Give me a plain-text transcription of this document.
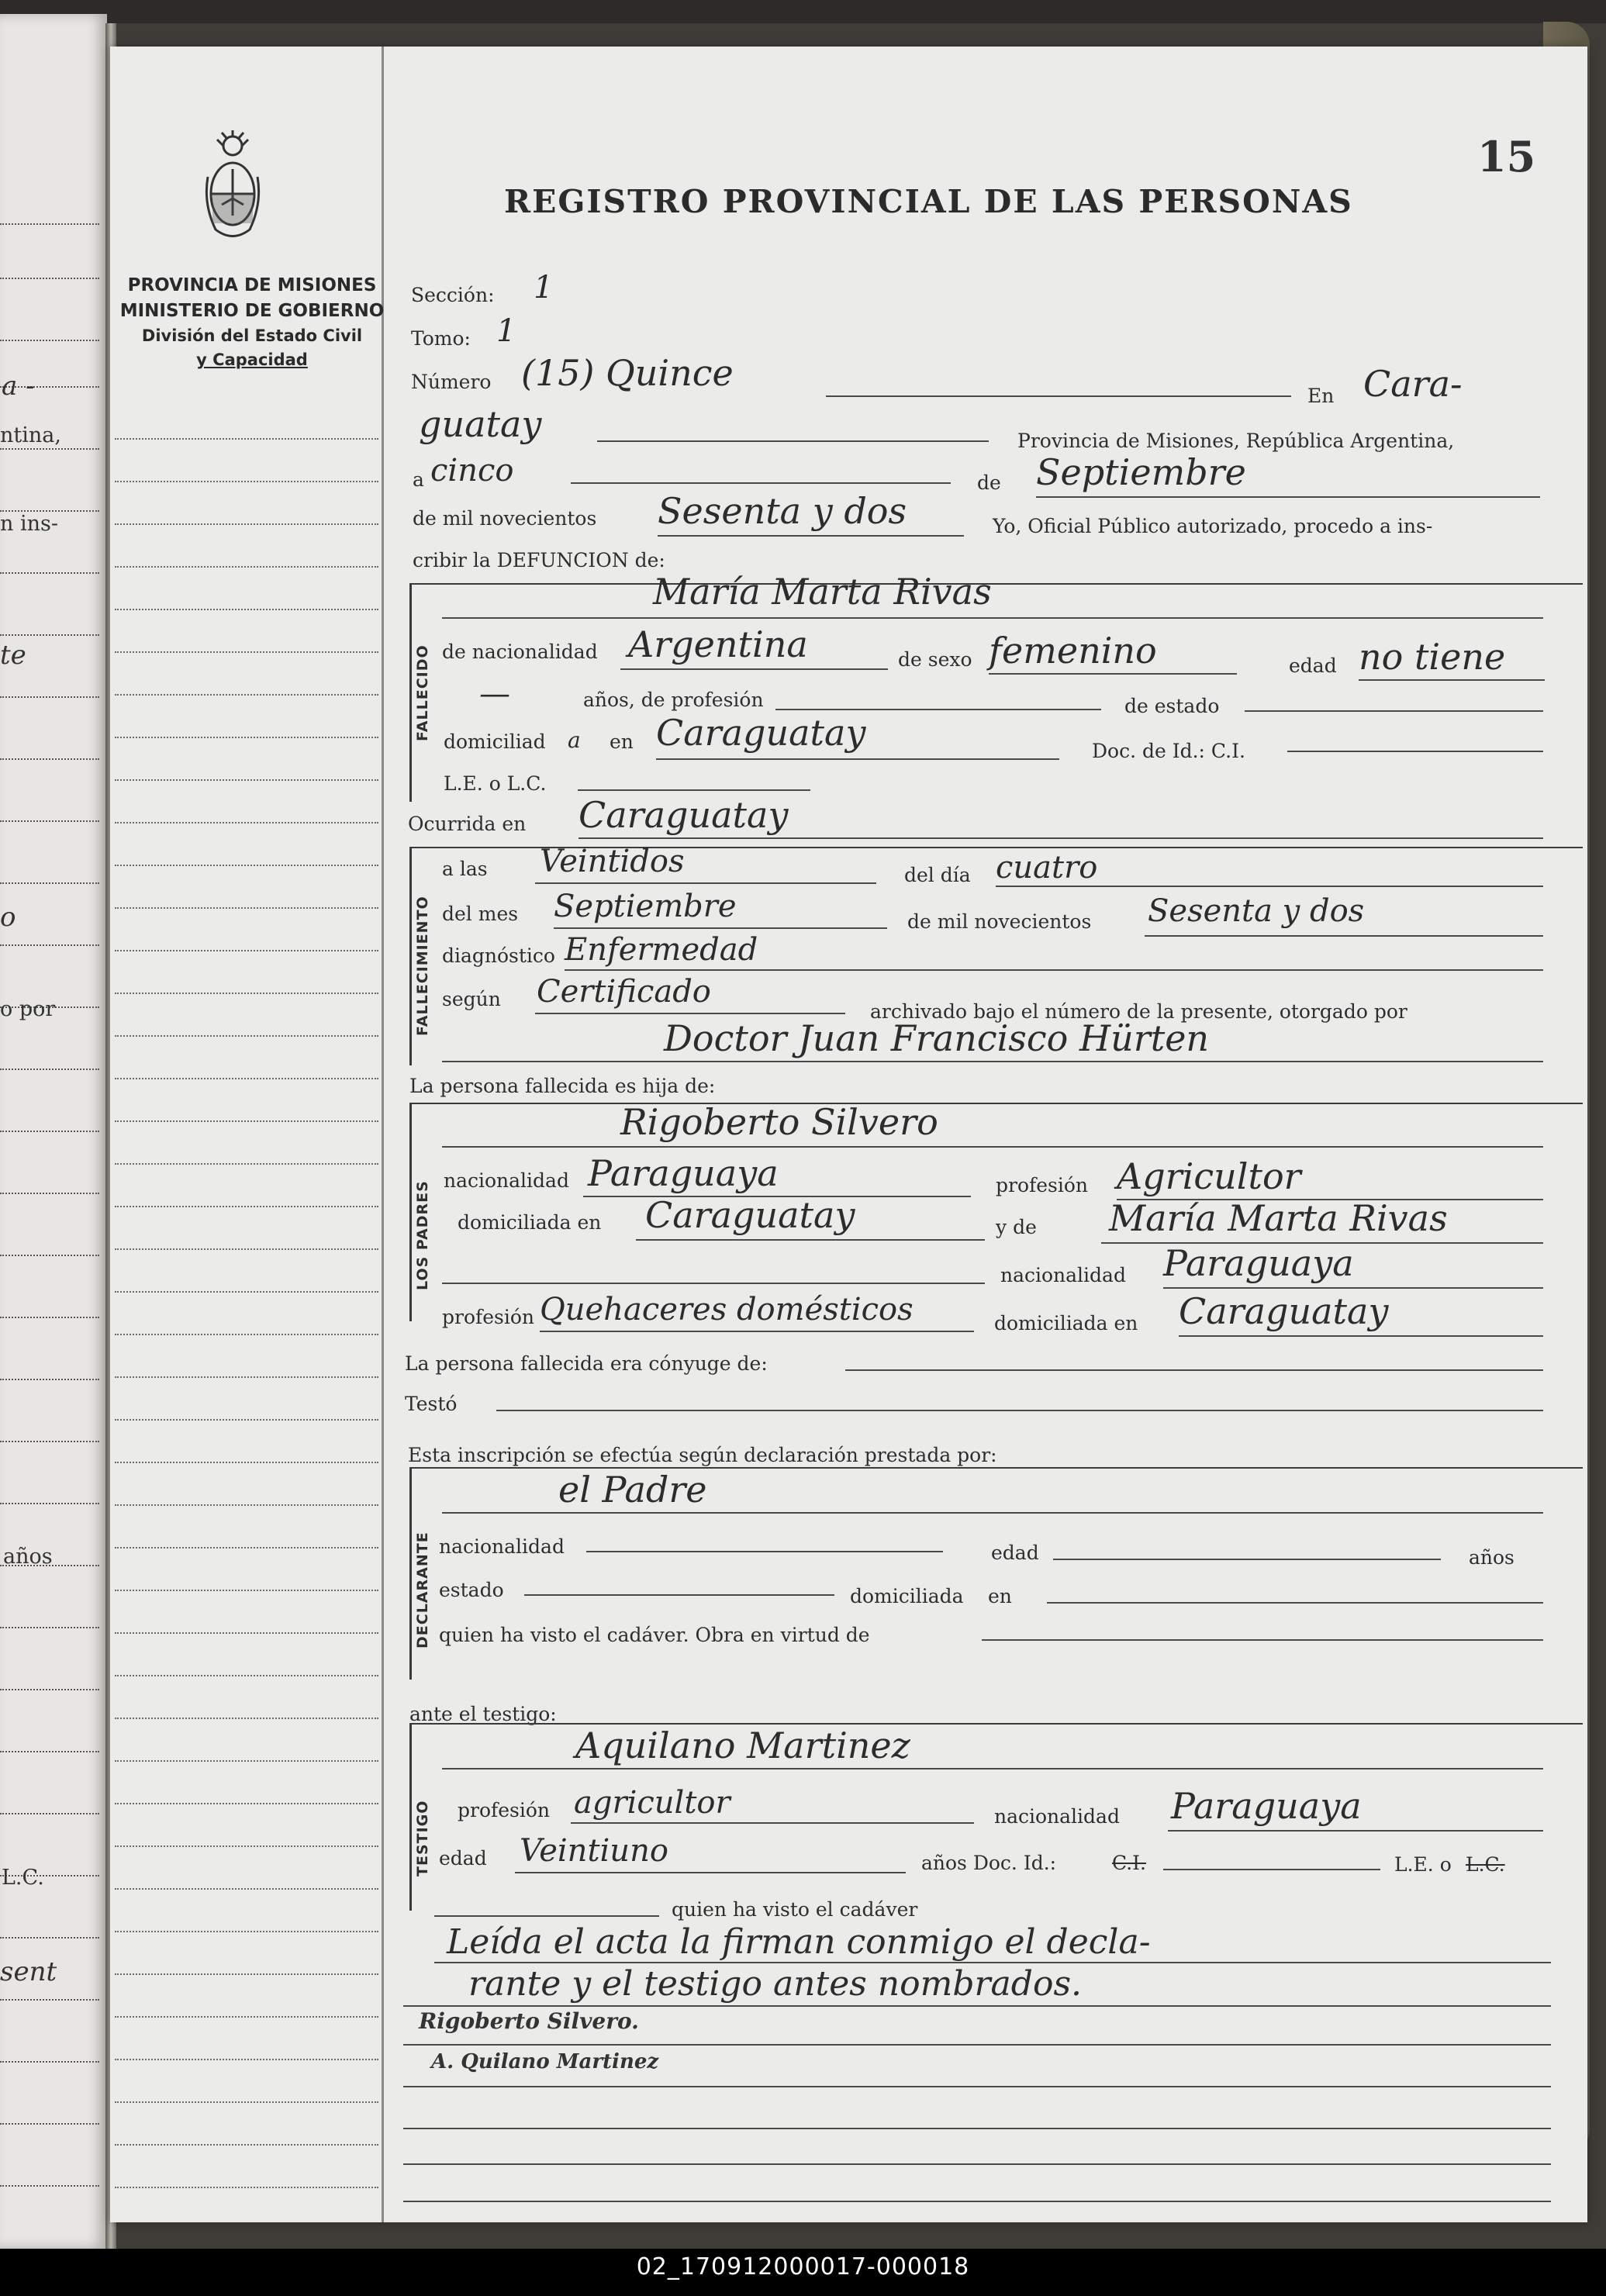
a -
ntina,
n ins-
te
o
o por
años
L.C.
sent
PROVINCIA DE MISIONES
MINISTERIO DE GOBIERNO
División del Estado Civil
y Capacidad
REGISTRO PROVINCIAL DE LAS PERSONAS
15
Sección: 1
Tomo: 1
Número (15) Quince
En Cara-
guatay	Provincia de Misiones, República Argentina,
a cinco	de Septiembre
de mil novecientos Sesenta y dos	Yo, Oficial Público autorizado, procedo a ins-
cribir la DEFUNCION de:
FALLECIDO
María Marta Rivas
de nacionalidad Argentina	de sexo femenino	edad no tiene
—	años, de profesión	de estado
domiciliad a en Caraguatay	Doc. de Id.: C.I.
L.E. o L.C.
Ocurrida en Caraguatay
FALLECIMIENTO
a las Veintidos	del día cuatro
del mes Septiembre	de mil novecientos Sesenta y dos
diagnóstico Enfermedad
según Certificado
archivado bajo el número de la presente, otorgado por
Doctor Juan Francisco Hürten
La persona fallecida es hija de:
LOS PADRES
Rigoberto Silvero
nacionalidad Paraguaya	profesión Agricultor
domiciliada en Caraguatay	y de María Marta Rivas
nacionalidad Paraguaya
profesión Quehaceres domésticos	domiciliada en Caraguatay
La persona fallecida era cónyuge de:
Testó
Esta inscripción se efectúa según declaración prestada por:
DECLARANTE
el Padre
nacionalidad	edad	años
estado	domiciliada en
quien ha visto el cadáver. Obra en virtud de
ante el testigo:
TESTIGO
Aquilano Martinez
profesión agricultor	nacionalidad Paraguaya
edad Veintiuno	años Doc. Id.:	C.I.	L.E. o L.C.
quien ha visto el cadáver
Leída el acta la firman conmigo el decla-
rante y el testigo antes nombrados.
Rigoberto Silvero.
A. Quilano Martinez
02_170912000017-000018
